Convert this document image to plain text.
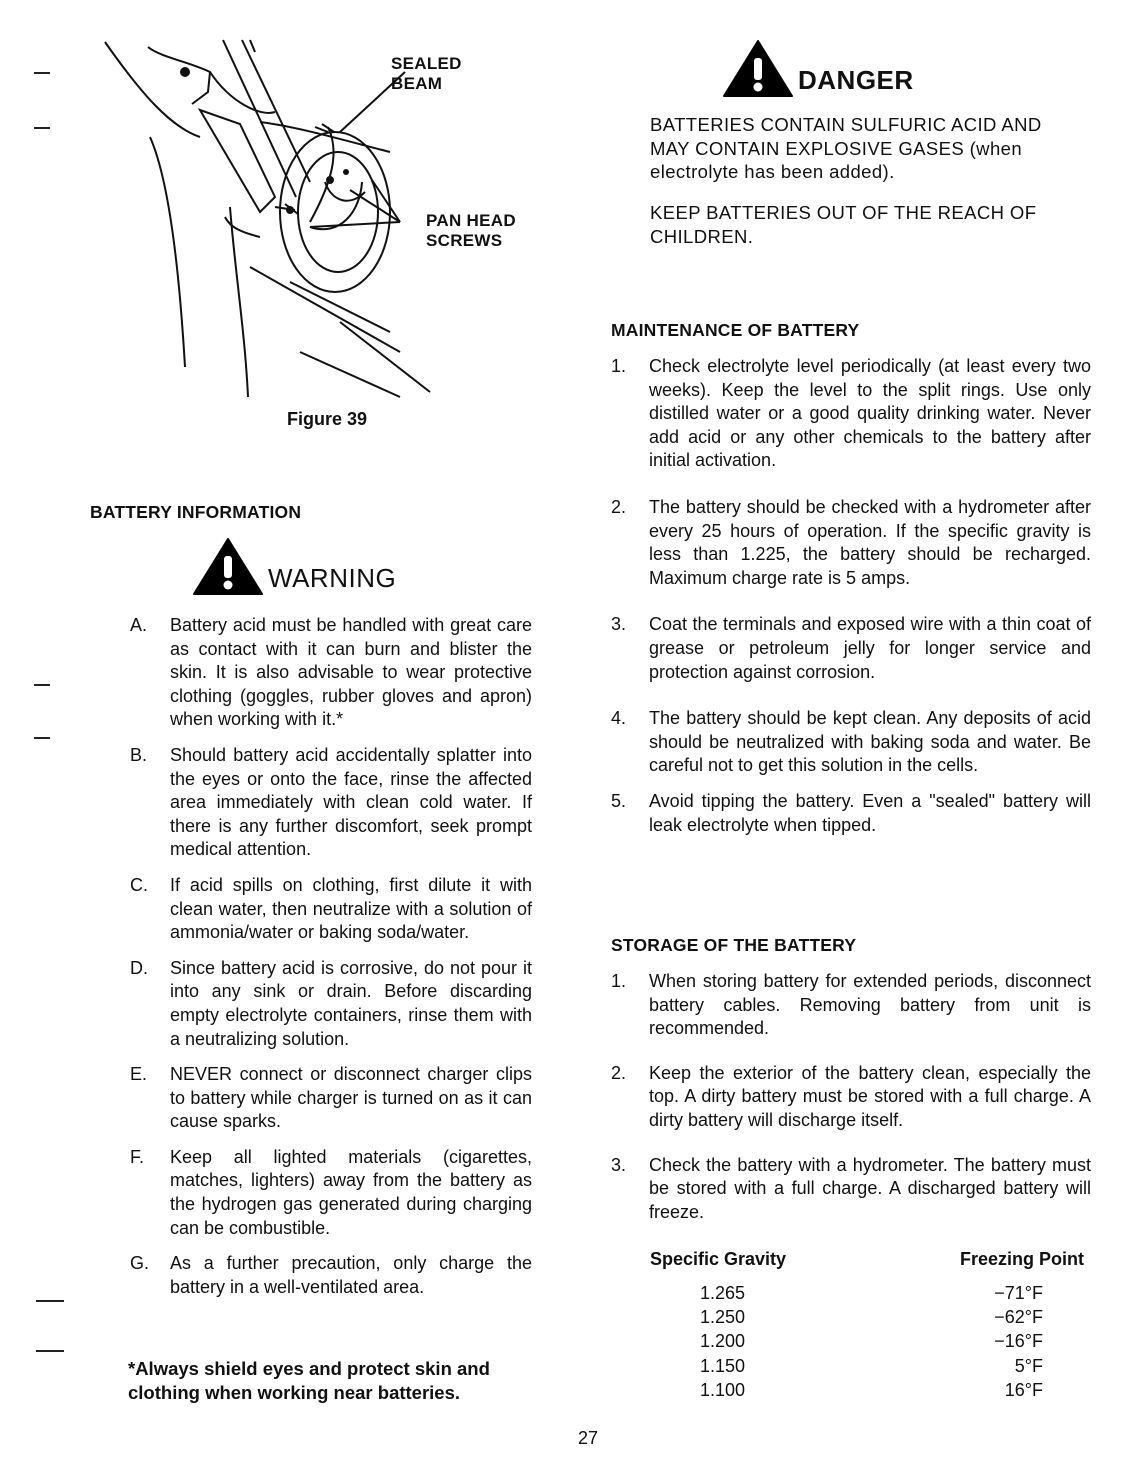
SEALED
BEAM
PAN HEAD
SCREWS
Figure 39
BATTERY INFORMATION
WARNING
A.	Battery acid must be handled with great care as contact with it can burn and blister the skin. It is also advisable to wear protective clothing (goggles, rubber gloves and apron) when working with it.*
B.	Should battery acid accidentally splatter into the eyes or onto the face, rinse the affected area immediately with clean cold water. If there is any further discomfort, seek prompt medical attention.
C.	If acid spills on clothing, first dilute it with clean water, then neutralize with a solution of ammonia/water or baking soda/water.
D.	Since battery acid is corrosive, do not pour it into any sink or drain. Before discarding empty electrolyte containers, rinse them with a neutralizing solution.
E.	NEVER connect or disconnect charger clips to battery while charger is turned on as it can cause sparks.
F.	Keep all lighted materials (cigarettes, matches, lighters) away from the battery as the hydrogen gas generated during charging can be combustible.
G.	As a further precaution, only charge the battery in a well-ventilated area.
*Always shield eyes and protect skin and clothing when working near batteries.
DANGER
BATTERIES CONTAIN SULFURIC ACID AND MAY CONTAIN EXPLOSIVE GASES (when electrolyte has been added).
KEEP BATTERIES OUT OF THE REACH OF CHILDREN.
MAINTENANCE OF BATTERY
1.	Check electrolyte level periodically (at least every two weeks). Keep the level to the split rings. Use only distilled water or a good quality drinking water. Never add acid or any other chemicals to the battery after initial activation.
2.	The battery should be checked with a hydrometer after every 25 hours of operation. If the specific gravity is less than 1.225, the battery should be recharged. Maximum charge rate is 5 amps.
3.	Coat the terminals and exposed wire with a thin coat of grease or petroleum jelly for longer service and protection against corrosion.
4.	The battery should be kept clean. Any deposits of acid should be neutralized with baking soda and water. Be careful not to get this solution in the cells.
5.	Avoid tipping the battery. Even a "sealed" battery will leak electrolyte when tipped.
STORAGE OF THE BATTERY
1.	When storing battery for extended periods, disconnect battery cables. Removing battery from unit is recommended.
2.	Keep the exterior of the battery clean, especially the top. A dirty battery must be stored with a full charge. A dirty battery will discharge itself.
3.	Check the battery with a hydrometer. The battery must be stored with a full charge. A discharged battery will freeze.
Specific Gravity	Freezing Point
1.265	−71°F
1.250	−62°F
1.200	−16°F
1.150	5°F
1.100	16°F
27
